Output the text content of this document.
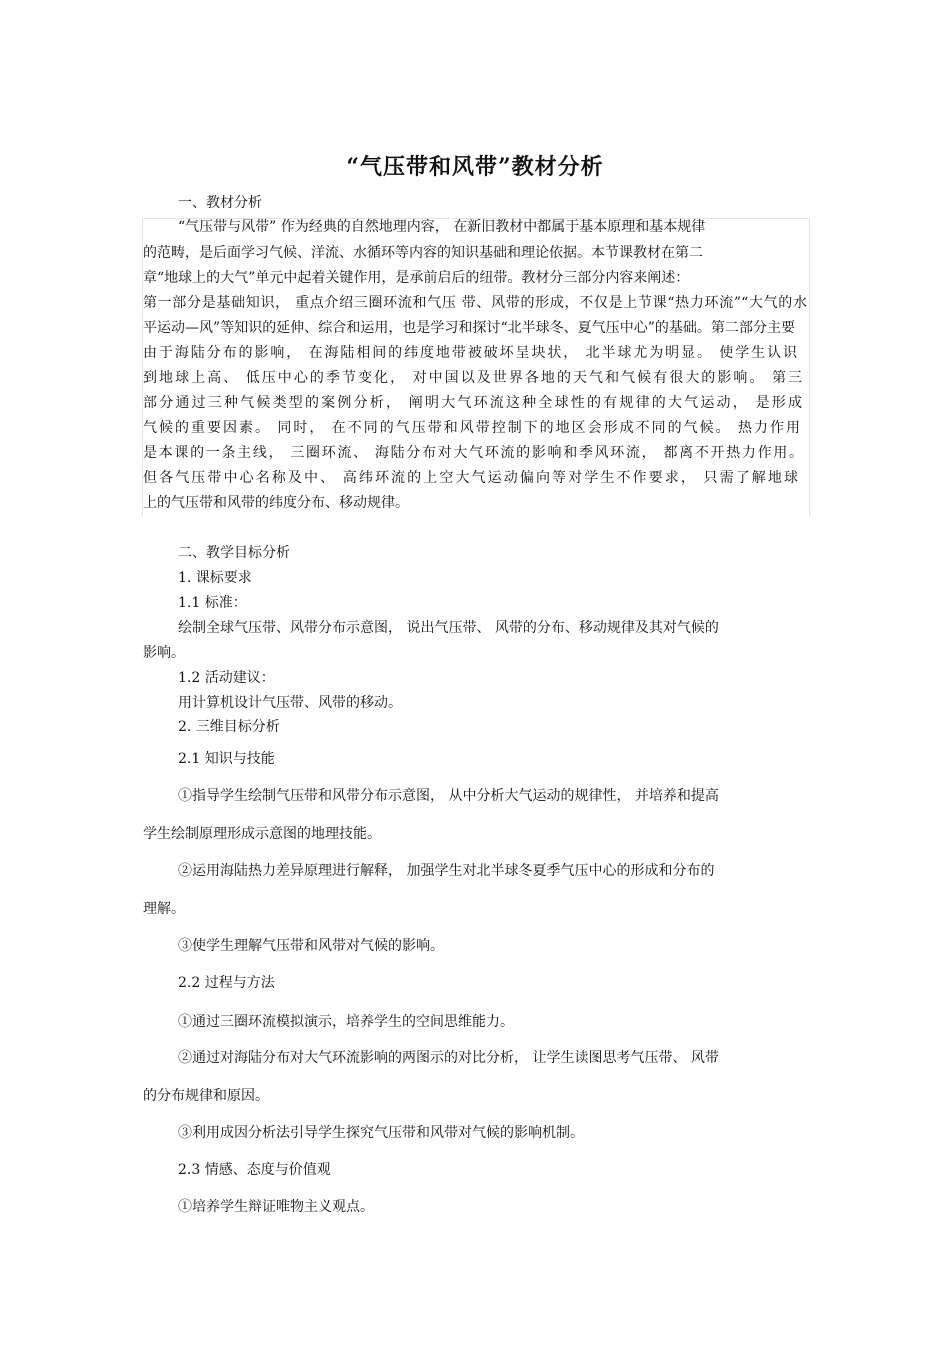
“气压带和风带”教材分析
一、教材分析
“气压带与风带” 作为经典的自然地理内容， 在新旧教材中都属于基本原理和基本规律
的范畴，是后面学习气候、洋流、水循环等内容的知识基础和理论依据。本节课教材在第二
章“地球上的大气”单元中起着关键作用，是承前启后的纽带。教材分三部分内容来阐述：
第一部分是基础知识， 重点介绍三圈环流和气压 带、风带的形成，不仅是上节课“热力环流”“大气的水
平运动—风”等知识的延伸、综合和运用，也是学习和探讨“北半球冬、夏气压中心”的基础。第二部分主要
由于海陆分布的影响， 在海陆相间的纬度地带被破坏呈块状， 北半球尤为明显。 使学生认识
到地球上高、 低压中心的季节变化， 对中国以及世界各地的天气和气候有很大的影响。 第三
部分通过三种气候类型的案例分析， 阐明大气环流这种全球性的有规律的大气运动， 是形成
气候的重要因素。 同时， 在不同的气压带和风带控制下的地区会形成不同的气候。 热力作用
是本课的一条主线， 三圈环流、 海陆分布对大气环流的影响和季风环流， 都离不开热力作用。
但各气压带中心名称及中、 高纬环流的上空大气运动偏向等对学生不作要求， 只需了解地球
上的气压带和风带的纬度分布、移动规律。
二、教学目标分析
1. 课标要求
1.1 标准：
绘制全球气压带、风带分布示意图， 说出气压带、 风带的分布、移动规律及其对气候的
影响。
1.2 活动建议：
用计算机设计气压带、风带的移动。
2. 三维目标分析
2.1 知识与技能
①指导学生绘制气压带和风带分布示意图， 从中分析大气运动的规律性， 并培养和提高
学生绘制原理形成示意图的地理技能。
②运用海陆热力差异原理进行解释， 加强学生对北半球冬夏季气压中心的形成和分布的
理解。
③使学生理解气压带和风带对气候的影响。
2.2 过程与方法
①通过三圈环流模拟演示，培养学生的空间思维能力。
②通过对海陆分布对大气环流影响的两图示的对比分析， 让学生读图思考气压带、 风带
的分布规律和原因。
③利用成因分析法引导学生探究气压带和风带对气候的影响机制。
2.3 情感、态度与价值观
①培养学生辩证唯物主义观点。
